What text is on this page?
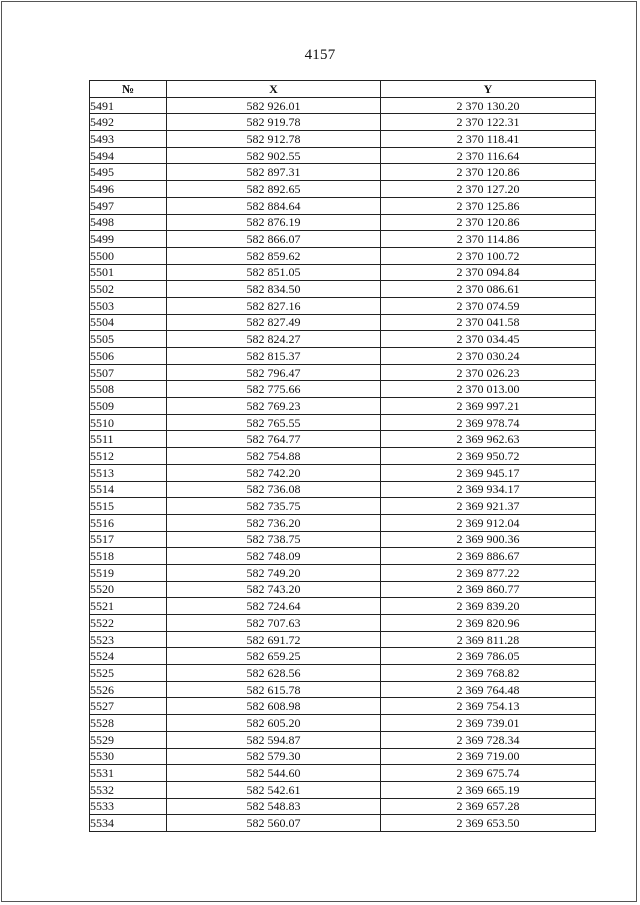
4157
№	X	Y
5491	582 926.01	2 370 130.20
5492	582 919.78	2 370 122.31
5493	582 912.78	2 370 118.41
5494	582 902.55	2 370 116.64
5495	582 897.31	2 370 120.86
5496	582 892.65	2 370 127.20
5497	582 884.64	2 370 125.86
5498	582 876.19	2 370 120.86
5499	582 866.07	2 370 114.86
5500	582 859.62	2 370 100.72
5501	582 851.05	2 370 094.84
5502	582 834.50	2 370 086.61
5503	582 827.16	2 370 074.59
5504	582 827.49	2 370 041.58
5505	582 824.27	2 370 034.45
5506	582 815.37	2 370 030.24
5507	582 796.47	2 370 026.23
5508	582 775.66	2 370 013.00
5509	582 769.23	2 369 997.21
5510	582 765.55	2 369 978.74
5511	582 764.77	2 369 962.63
5512	582 754.88	2 369 950.72
5513	582 742.20	2 369 945.17
5514	582 736.08	2 369 934.17
5515	582 735.75	2 369 921.37
5516	582 736.20	2 369 912.04
5517	582 738.75	2 369 900.36
5518	582 748.09	2 369 886.67
5519	582 749.20	2 369 877.22
5520	582 743.20	2 369 860.77
5521	582 724.64	2 369 839.20
5522	582 707.63	2 369 820.96
5523	582 691.72	2 369 811.28
5524	582 659.25	2 369 786.05
5525	582 628.56	2 369 768.82
5526	582 615.78	2 369 764.48
5527	582 608.98	2 369 754.13
5528	582 605.20	2 369 739.01
5529	582 594.87	2 369 728.34
5530	582 579.30	2 369 719.00
5531	582 544.60	2 369 675.74
5532	582 542.61	2 369 665.19
5533	582 548.83	2 369 657.28
5534	582 560.07	2 369 653.50
